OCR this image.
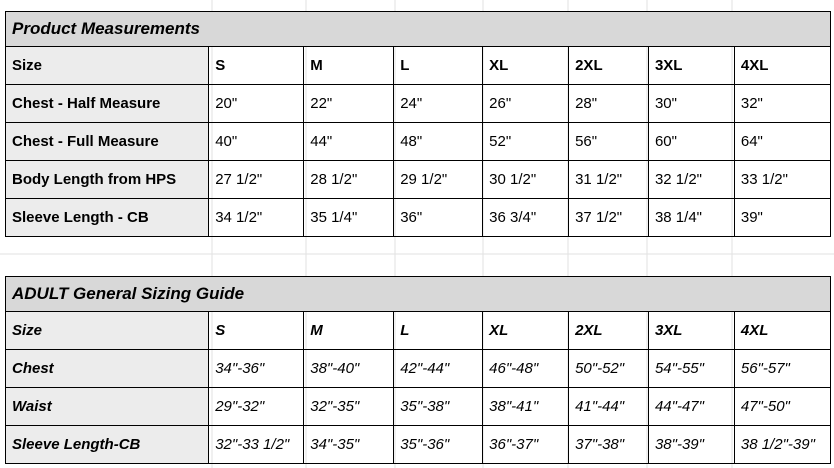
Product Measurements							
Size	S	M	L	XL	2XL	3XL	4XL
Chest - Half Measure	20"	22"	24"	26"	28"	30"	32"
Chest - Full Measure	40"	44"	48"	52"	56"	60"	64"
Body Length from HPS	27 1/2"	28 1/2"	29 1/2"	30 1/2"	31 1/2"	32 1/2"	33 1/2"
Sleeve Length - CB	34 1/2"	35 1/4"	36"	36 3/4"	37 1/2"	38 1/4"	39"
ADULT General Sizing Guide							
Size	S	M	L	XL	2XL	3XL	4XL
Chest	34"-36"	38"-40"	42"-44"	46"-48"	50"-52"	54"-55"	56"-57"
Waist	29"-32"	32"-35"	35"-38"	38"-41"	41"-44"	44"-47"	47"-50"
Sleeve Length-CB	32"-33 1/2"	34"-35"	35"-36"	36"-37"	37"-38"	38"-39"	38 1/2"-39"
